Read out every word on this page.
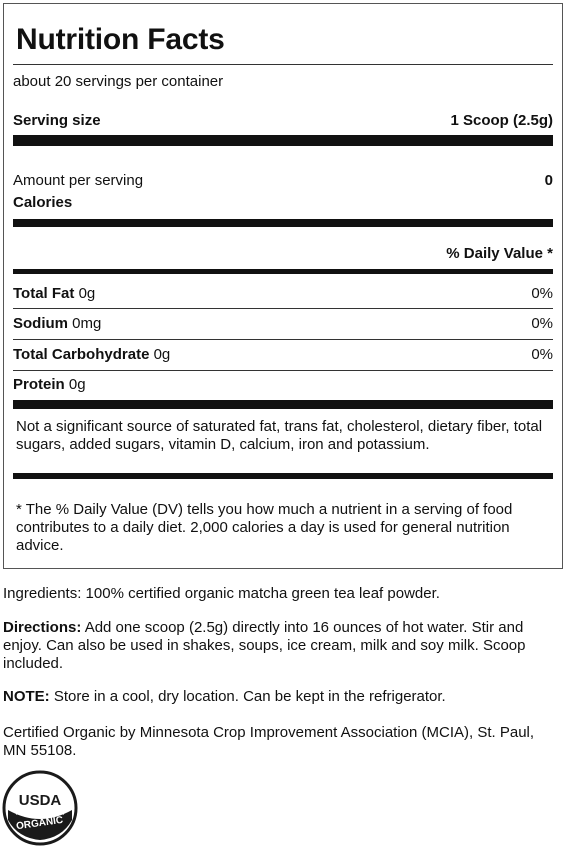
Nutrition Facts
about 20 servings per container
Serving size	1 Scoop (2.5g)
Amount per serving	0
Calories
% Daily Value *
Total Fat 0g	0%
Sodium 0mg	0%
Total Carbohydrate 0g	0%
Protein 0g
Not a significant source of saturated fat, trans fat, cholesterol, dietary fiber, total sugars, added sugars, vitamin D, calcium, iron and potassium.
* The % Daily Value (DV) tells you how much a nutrient in a serving of food contributes to a daily diet. 2,000 calories a day is used for general nutrition advice.
Ingredients: 100% certified organic matcha green tea leaf powder.
Directions: Add one scoop (2.5g) directly into 16 ounces of hot water. Stir and enjoy. Can also be used in shakes, soups, ice cream, milk and soy milk. Scoop included.
NOTE: Store in a cool, dry location. Can be kept in the refrigerator.
Certified Organic by Minnesota Crop Improvement Association (MCIA), St. Paul, MN 55108.
USDA
ORGANIC
